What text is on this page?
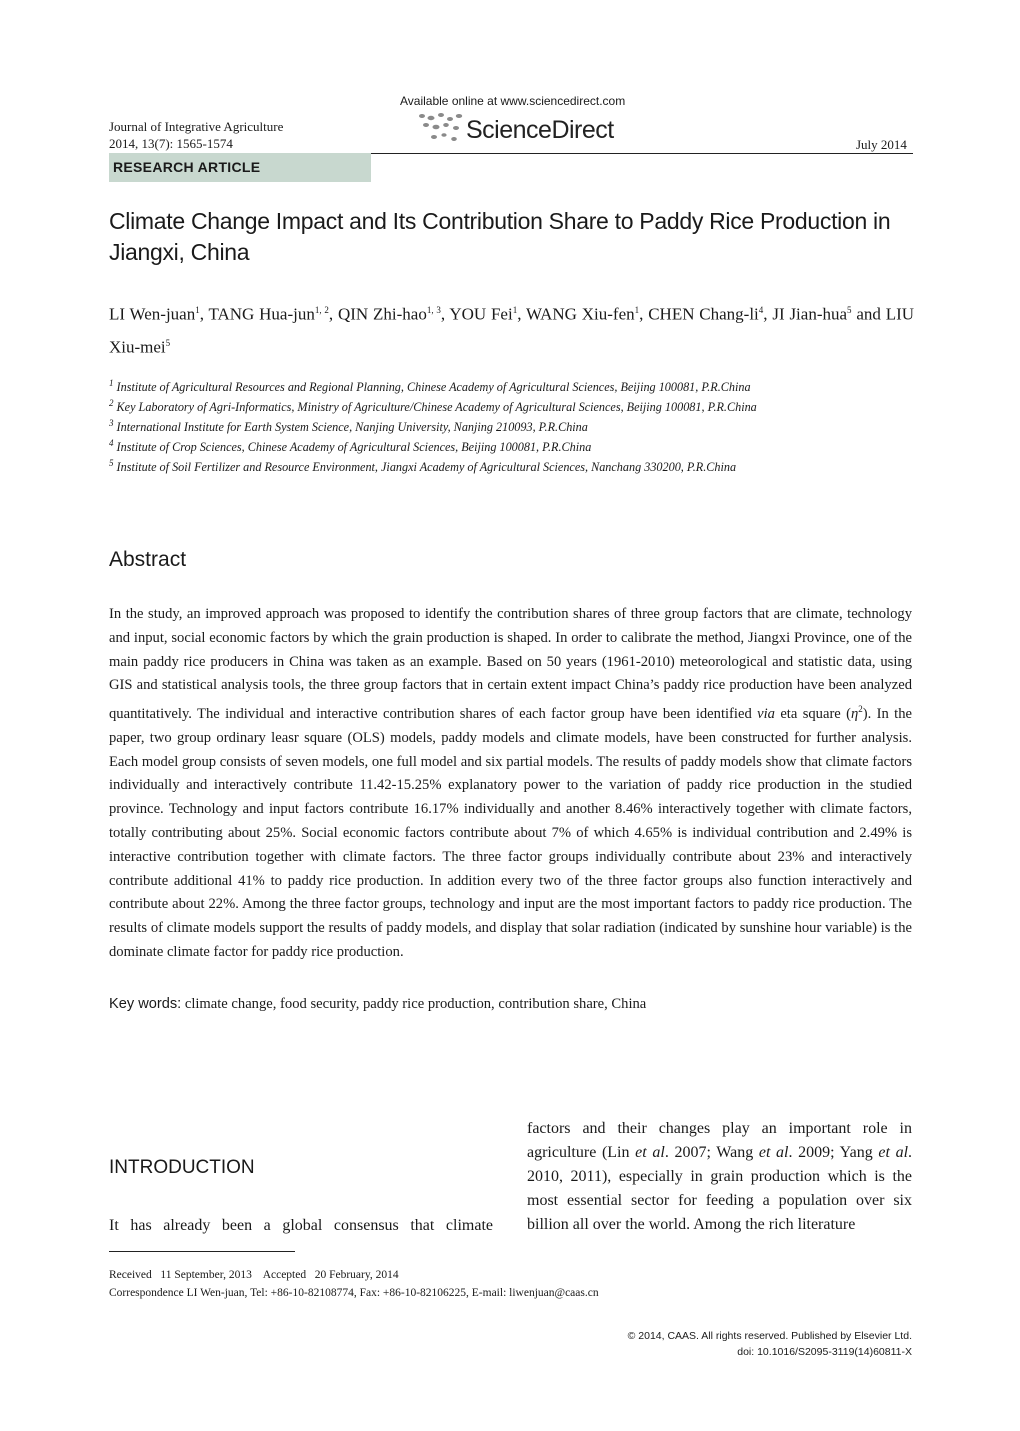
Journal of Integrative Agriculture
2014, 13(7): 1565-1574
Available online at www.sciencedirect.com
ScienceDirect
July 2014
RESEARCH ARTICLE
Climate Change Impact and Its Contribution Share to Paddy Rice Production in Jiangxi, China
LI Wen-juan$^1$, TANG Hua-jun$^{1, 2}$, QIN Zhi-hao$^{1, 3}$, YOU Fei$^1$, WANG Xiu-fen$^1$, CHEN Chang-$li^4$, JI Jian-hua$^5$ and LIU Xiu-mei$^5$
$^1$ Institute of Agricultural Resources and Regional Planning, Chinese Academy of Agricultural Sciences, Beijing 100081, P.R.China
$^2$ Key Laboratory of Agri-Informatics, Ministry of Agriculture/Chinese Academy of Agricultural Sciences, Beijing 100081, P.R.China
$^3$ International Institute for Earth System Science, Nanjing University, Nanjing 210093, P.R.China
$^4$ Institute of Crop Sciences, Chinese Academy of Agricultural Sciences, Beijing 100081, P.R.China
$^5$ Institute of Soil Fertilizer and Resource Environment, Jiangxi Academy of Agricultural Sciences, Nanchang 330200, P.R.China
Abstract
In the study, an improved approach was proposed to identify the contribution shares of three group factors that are climate, technology and input, social economic factors by which the grain production is shaped. In order to calibrate the method, Jiangxi Province, one of the main paddy rice producers in China was taken as an example. Based on 50 years (1961-2010) meteorological and statistic data, using GIS and statistical analysis tools, the three group factors that in certain extent impact China’s paddy rice production have been analyzed quantitatively. The individual and interactive contribution shares of each factor group have been identified via eta square $(\eta^2)$. In the paper, two group ordinary leasr square (OLS) models, paddy models and climate models, have been constructed for further analysis. Each model group consists of seven models, one full model and six partial models. The results of paddy models show that climate factors individually and interactively contribute 11.42-15.25% explanatory power to the variation of paddy rice production in the studied province. Technology and input factors contribute 16.17% individually and another 8.46% interactively together with climate factors, totally contributing about 25%. Social economic factors contribute about 7% of which 4.65% is individual contribution and 2.49% is interactive contribution together with climate factors. The three factor groups individually contribute about 23% and interactively contribute additional 41% to paddy rice production. In addition every two of the three factor groups also function interactively and contribute about 22%. Among the three factor groups, technology and input are the most important factors to paddy rice production. The results of climate models support the results of paddy models, and display that solar radiation (indicated by sunshine hour variable) is the dominate climate factor for paddy rice production.
Key words: climate change, food security, paddy rice production, contribution share, China
INTRODUCTION
It has already been a global consensus that climate
factors and their changes play an important role in agriculture (Lin et al. 2007; Wang et al. 2009; Yang et al. 2010, 2011), especially in grain production which is the most essential sector for feeding a population over six billion all over the world. Among the rich literature
Received   11 September, 2013    Accepted   20 February, 2014
Correspondence LI Wen-juan, Tel: +86-10-82108774, Fax: +86-10-82106225, E-mail: liwenjuan@caas.cn
© 2014, CAAS. All rights reserved. Published by Elsevier Ltd.
doi: 10.1016/S2095-3119(14)60811-X
